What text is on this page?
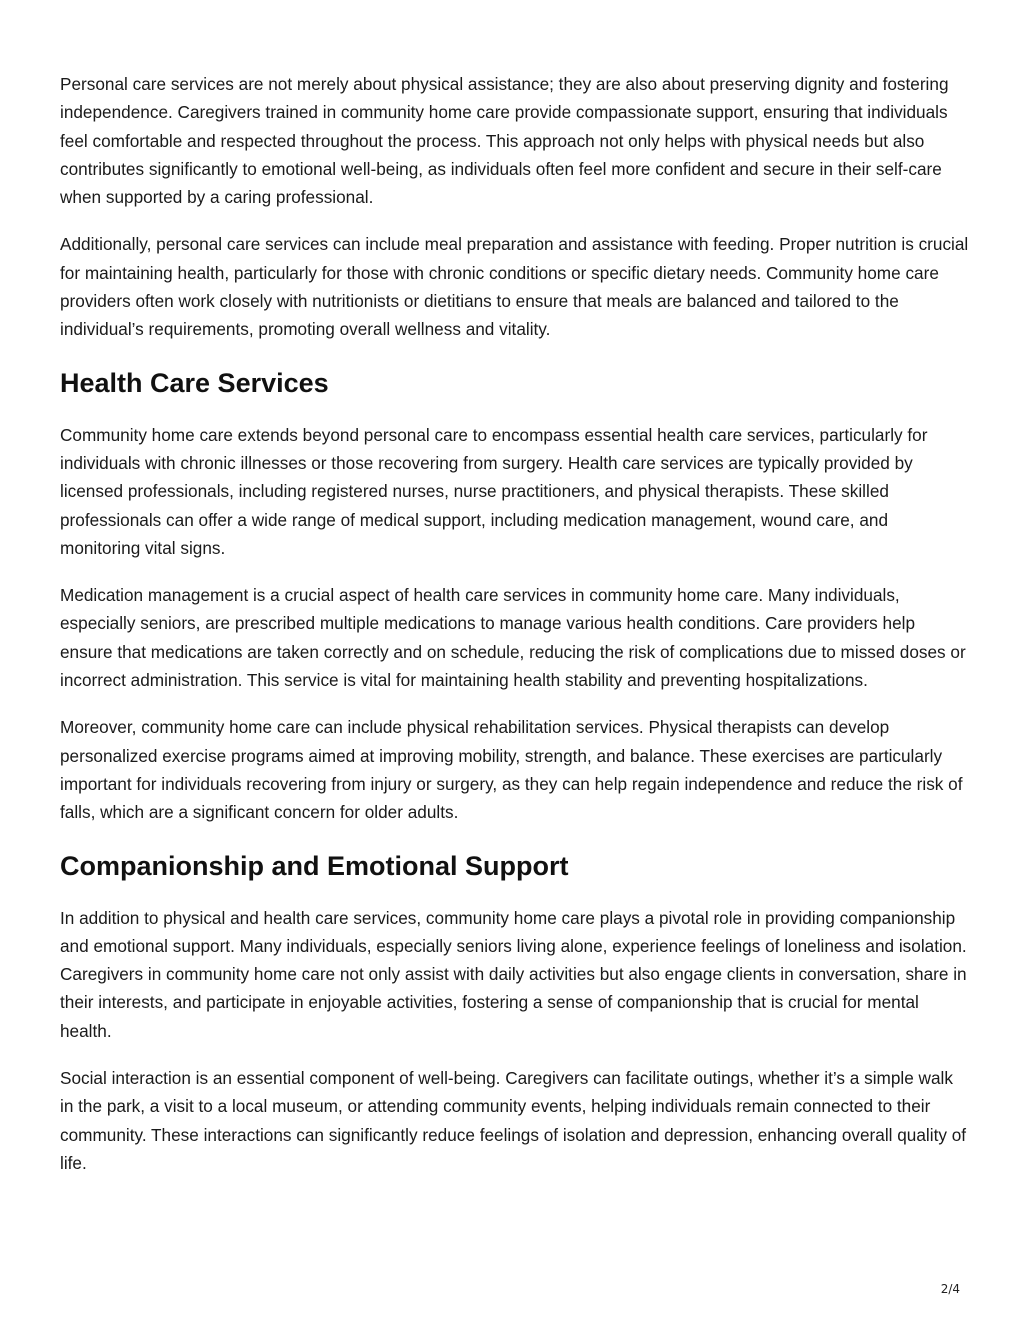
Personal care services are not merely about physical assistance; they are also about preserving dignity and fostering independence. Caregivers trained in community home care provide compassionate support, ensuring that individuals feel comfortable and respected throughout the process. This approach not only helps with physical needs but also contributes significantly to emotional well-being, as individuals often feel more confident and secure in their self-care when supported by a caring professional.

Additionally, personal care services can include meal preparation and assistance with feeding. Proper nutrition is crucial for maintaining health, particularly for those with chronic conditions or specific dietary needs. Community home care providers often work closely with nutritionists or dietitians to ensure that meals are balanced and tailored to the individual’s requirements, promoting overall wellness and vitality.

Health Care Services

Community home care extends beyond personal care to encompass essential health care services, particularly for individuals with chronic illnesses or those recovering from surgery. Health care services are typically provided by licensed professionals, including registered nurses, nurse practitioners, and physical therapists. These skilled professionals can offer a wide range of medical support, including medication management, wound care, and monitoring vital signs.

Medication management is a crucial aspect of health care services in community home care. Many individuals, especially seniors, are prescribed multiple medications to manage various health conditions. Care providers help ensure that medications are taken correctly and on schedule, reducing the risk of complications due to missed doses or incorrect administration. This service is vital for maintaining health stability and preventing hospitalizations.

Moreover, community home care can include physical rehabilitation services. Physical therapists can develop personalized exercise programs aimed at improving mobility, strength, and balance. These exercises are particularly important for individuals recovering from injury or surgery, as they can help regain independence and reduce the risk of falls, which are a significant concern for older adults.

Companionship and Emotional Support

In addition to physical and health care services, community home care plays a pivotal role in providing companionship and emotional support. Many individuals, especially seniors living alone, experience feelings of loneliness and isolation. Caregivers in community home care not only assist with daily activities but also engage clients in conversation, share in their interests, and participate in enjoyable activities, fostering a sense of companionship that is crucial for mental health.

Social interaction is an essential component of well-being. Caregivers can facilitate outings, whether it’s a simple walk in the park, a visit to a local museum, or attending community events, helping individuals remain connected to their community. These interactions can significantly reduce feelings of isolation and depression, enhancing overall quality of life.

2/4
